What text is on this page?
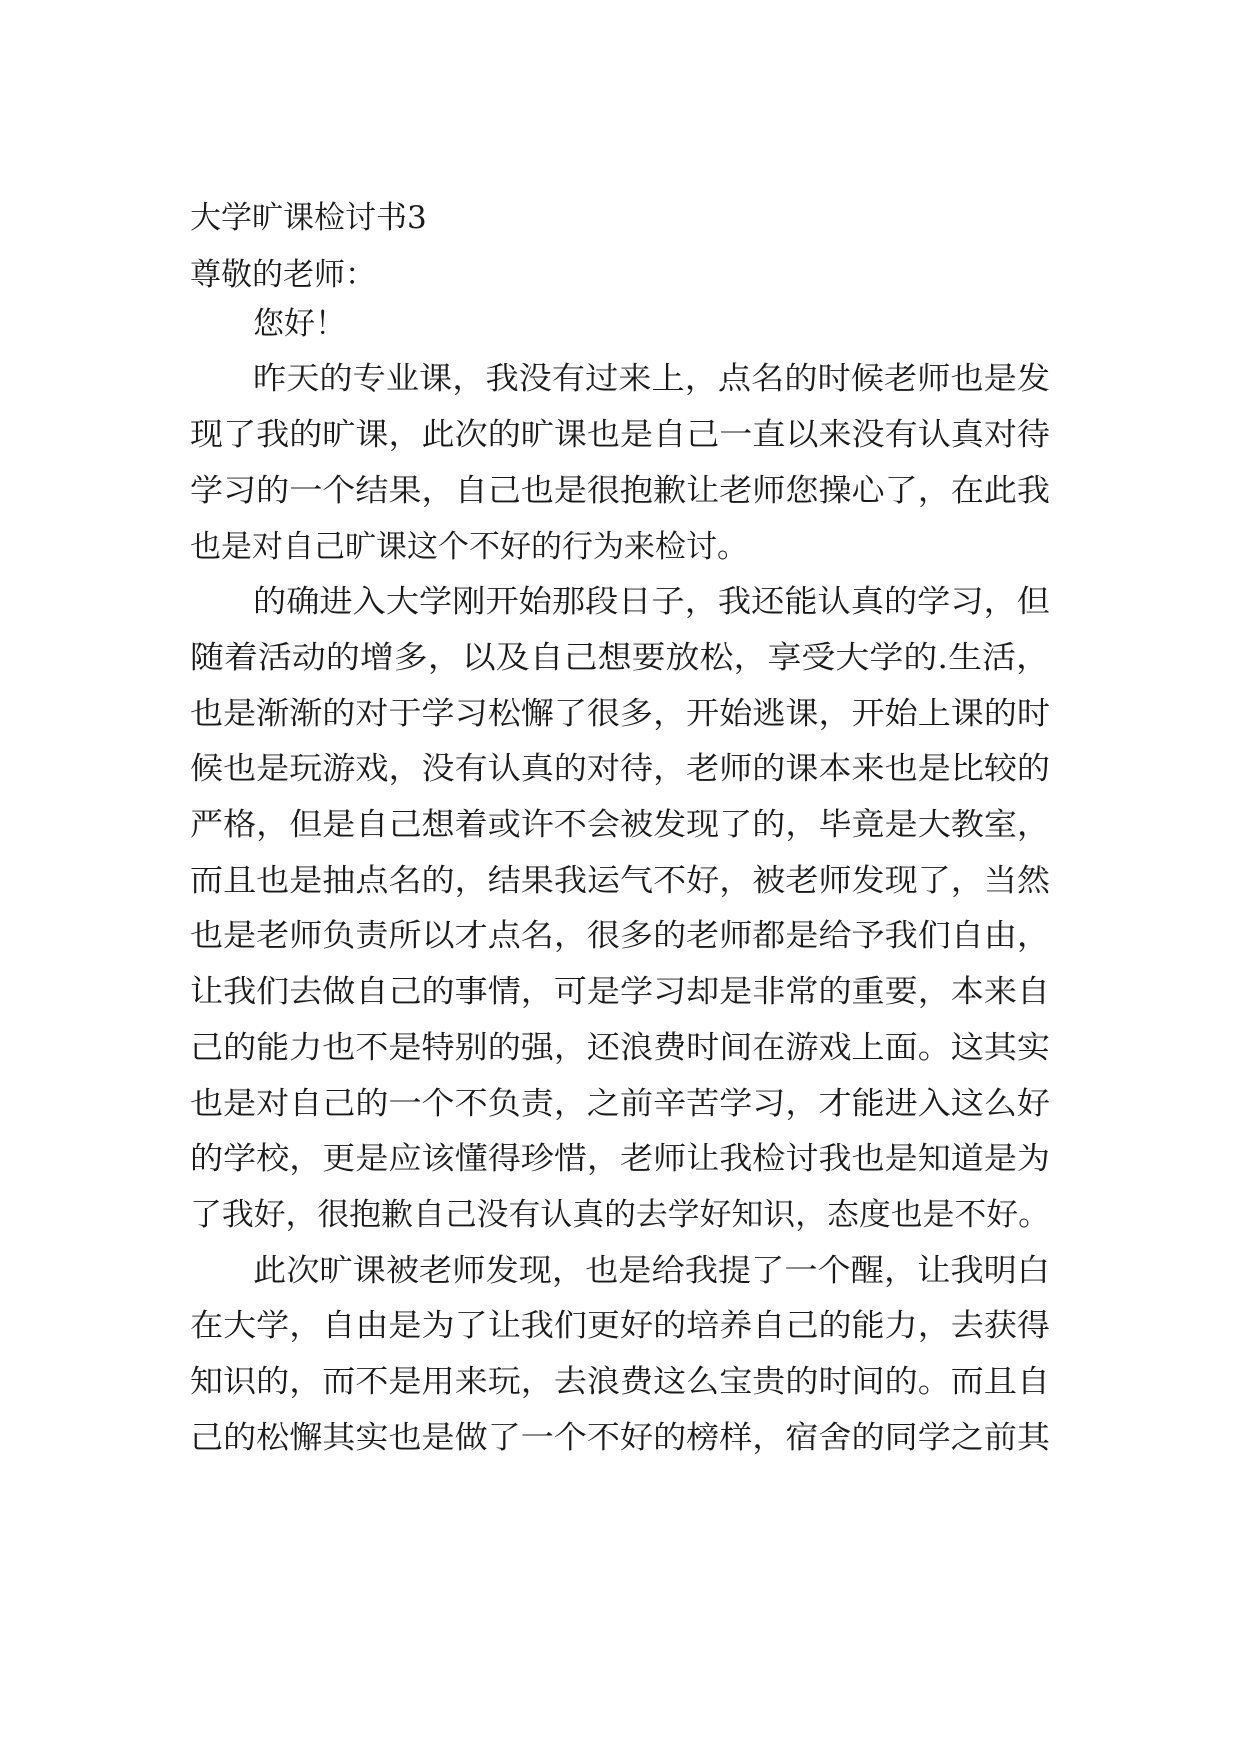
大学旷课检讨书3
尊敬的老师：
您好！
昨天的专业课，我没有过来上，点名的时候老师也是发
现了我的旷课，此次的旷课也是自己一直以来没有认真对待
学习的一个结果，自己也是很抱歉让老师您操心了，在此我
也是对自己旷课这个不好的行为来检讨。
的确进入大学刚开始那段日子，我还能认真的学习，但
随着活动的增多，以及自己想要放松，享受大学的.生活，
也是渐渐的对于学习松懈了很多，开始逃课，开始上课的时
候也是玩游戏，没有认真的对待，老师的课本来也是比较的
严格，但是自己想着或许不会被发现了的，毕竟是大教室，
而且也是抽点名的，结果我运气不好，被老师发现了，当然
也是老师负责所以才点名，很多的老师都是给予我们自由，
让我们去做自己的事情，可是学习却是非常的重要，本来自
己的能力也不是特别的强，还浪费时间在游戏上面。这其实
也是对自己的一个不负责，之前辛苦学习，才能进入这么好
的学校，更是应该懂得珍惜，老师让我检讨我也是知道是为
了我好，很抱歉自己没有认真的去学好知识，态度也是不好。
此次旷课被老师发现，也是给我提了一个醒，让我明白
在大学，自由是为了让我们更好的培养自己的能力，去获得
知识的，而不是用来玩，去浪费这么宝贵的时间的。而且自
己的松懈其实也是做了一个不好的榜样，宿舍的同学之前其
